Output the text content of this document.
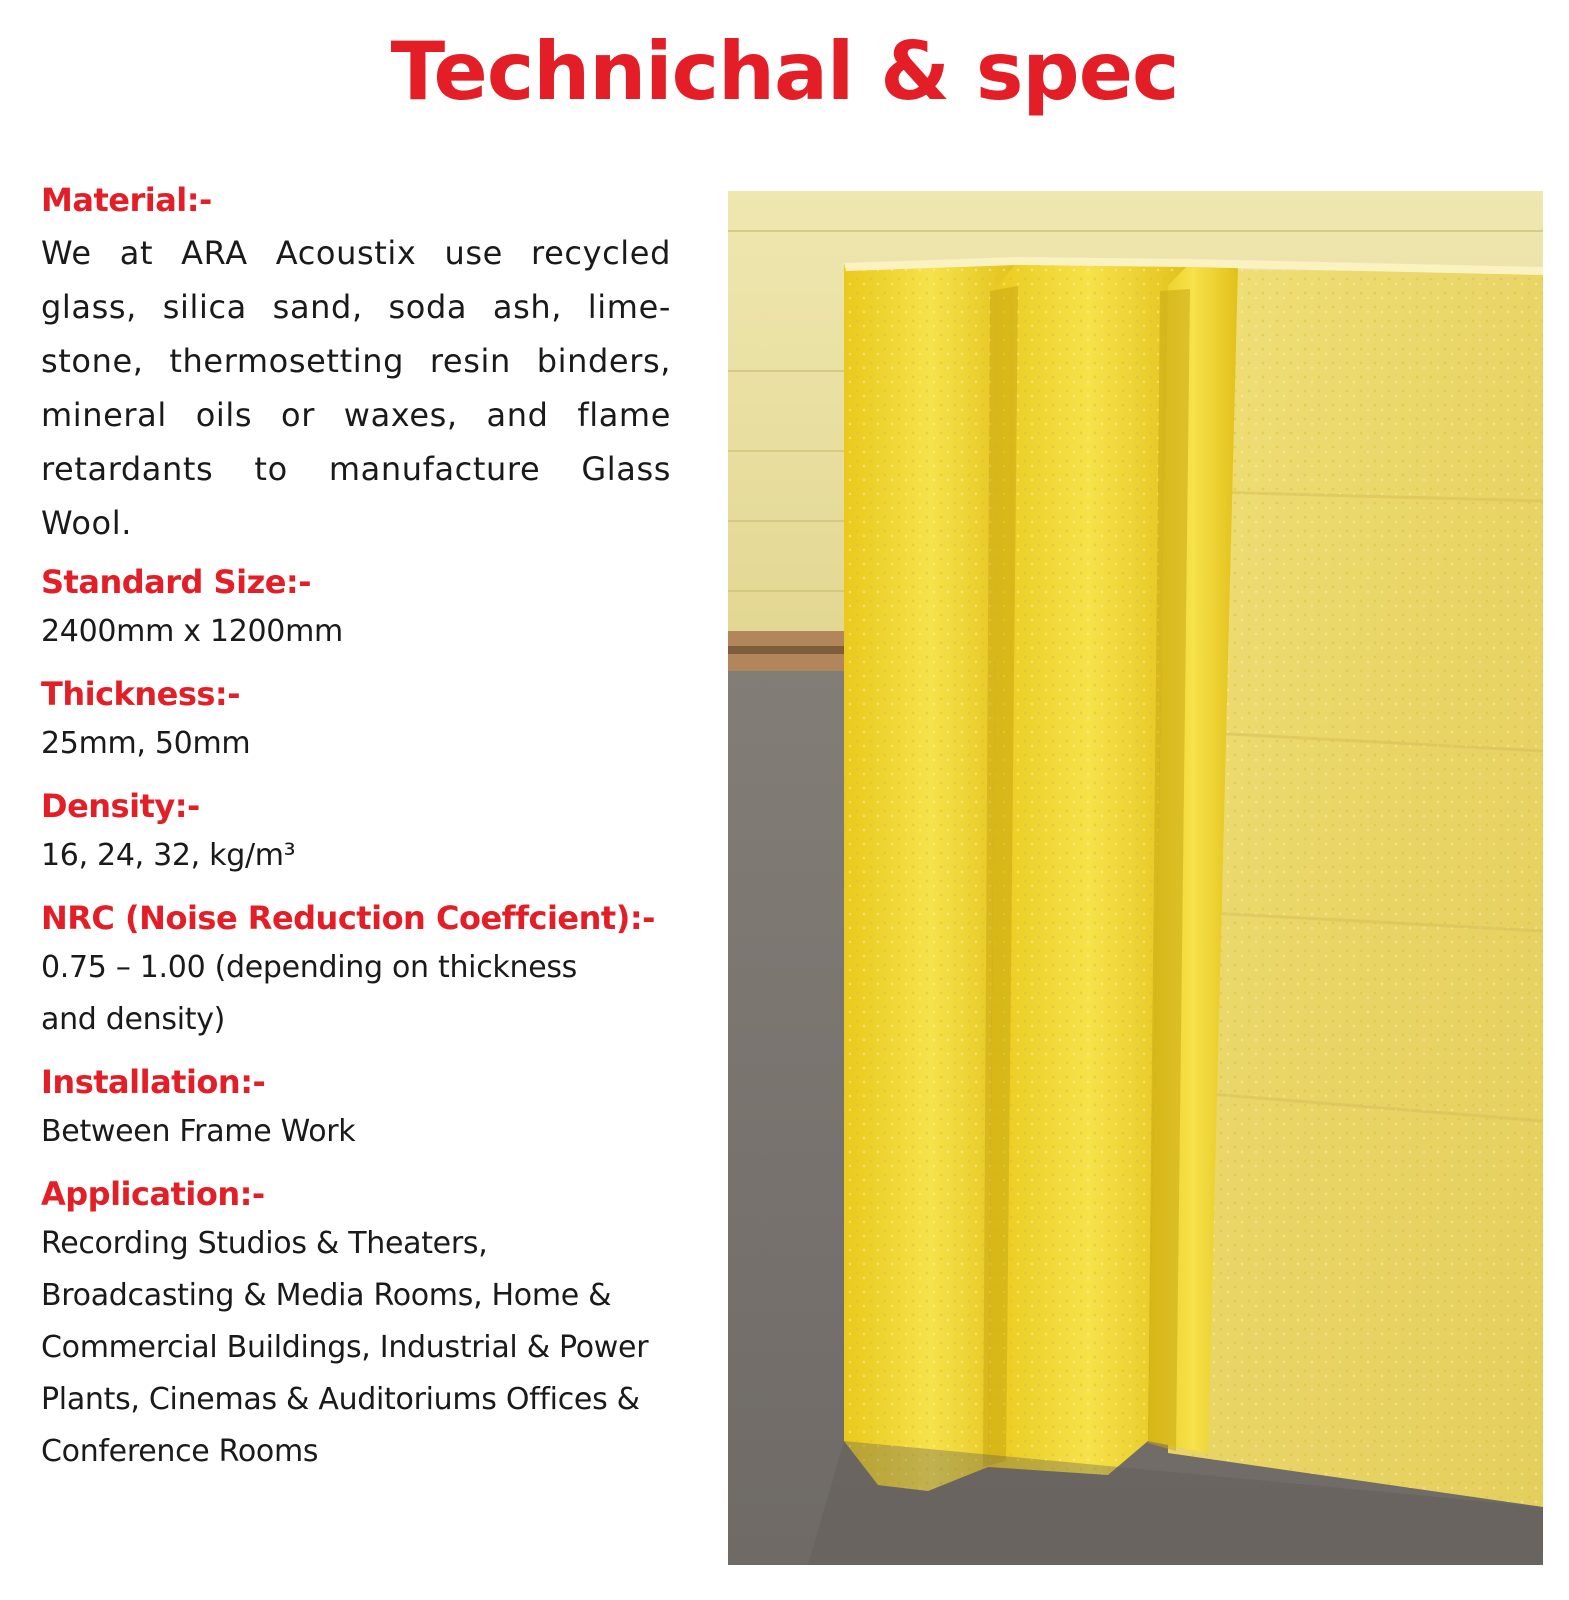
Technichal & spec
Material:-
We at ARA Acoustix use recycled glass, silica sand, soda ash, lime-stone, thermosetting resin binders, mineral oils or waxes, and flame retardants to manufacture Glass Wool.
Standard Size:-
2400mm x 1200mm
Thickness:-
25mm, 50mm
Density:-
16, 24, 32, kg/m³
NRC (Noise Reduction Coeffcient):-
0.75 – 1.00 (depending on thickness and density)
Installation:-
Between Frame Work
Application:-
Recording Studios & Theaters, Broadcasting & Media Rooms, Home & Commercial Buildings, Industrial & Power Plants, Cinemas & Auditoriums Offices & Conference Rooms
